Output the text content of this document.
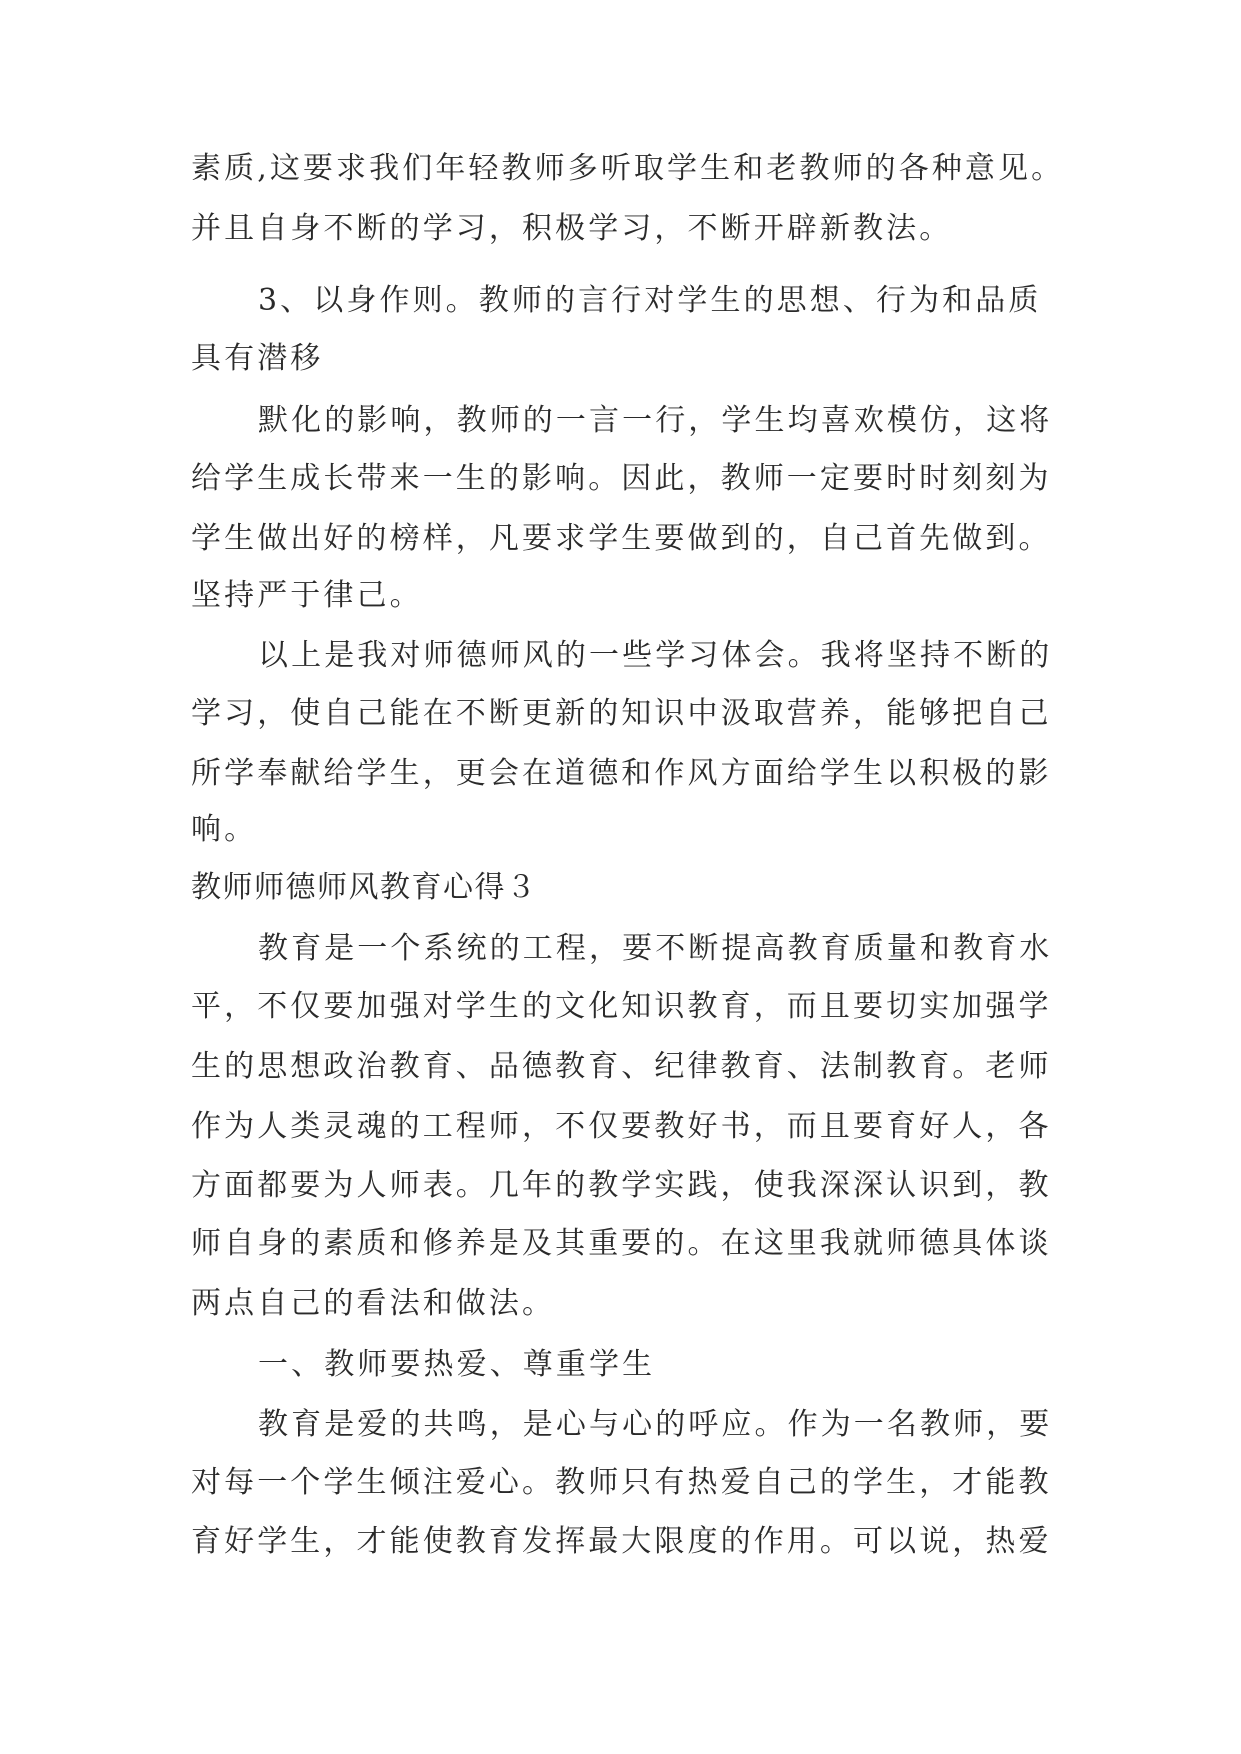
素质,这要求我们年轻教师多听取学生和老教师的各种意见。
并且自身不断的学习，积极学习，不断开辟新教法。
3、以身作则。教师的言行对学生的思想、行为和品质
具有潜移
默化的影响，教师的一言一行，学生均喜欢模仿，这将
给学生成长带来一生的影响。因此，教师一定要时时刻刻为
学生做出好的榜样，凡要求学生要做到的，自己首先做到。
坚持严于律己。
以上是我对师德师风的一些学习体会。我将坚持不断的
学习，使自己能在不断更新的知识中汲取营养，能够把自己
所学奉献给学生，更会在道德和作风方面给学生以积极的影
响。
教师师德师风教育心得３
教育是一个系统的工程，要不断提高教育质量和教育水
平，不仅要加强对学生的文化知识教育，而且要切实加强学
生的思想政治教育、品德教育、纪律教育、法制教育。老师
作为人类灵魂的工程师，不仅要教好书，而且要育好人，各
方面都要为人师表。几年的教学实践，使我深深认识到，教
师自身的素质和修养是及其重要的。在这里我就师德具体谈
两点自己的看法和做法。
一、教师要热爱、尊重学生
教育是爱的共鸣，是心与心的呼应。作为一名教师，要
对每一个学生倾注爱心。教师只有热爱自己的学生，才能教
育好学生，才能使教育发挥最大限度的作用。可以说，热爱
